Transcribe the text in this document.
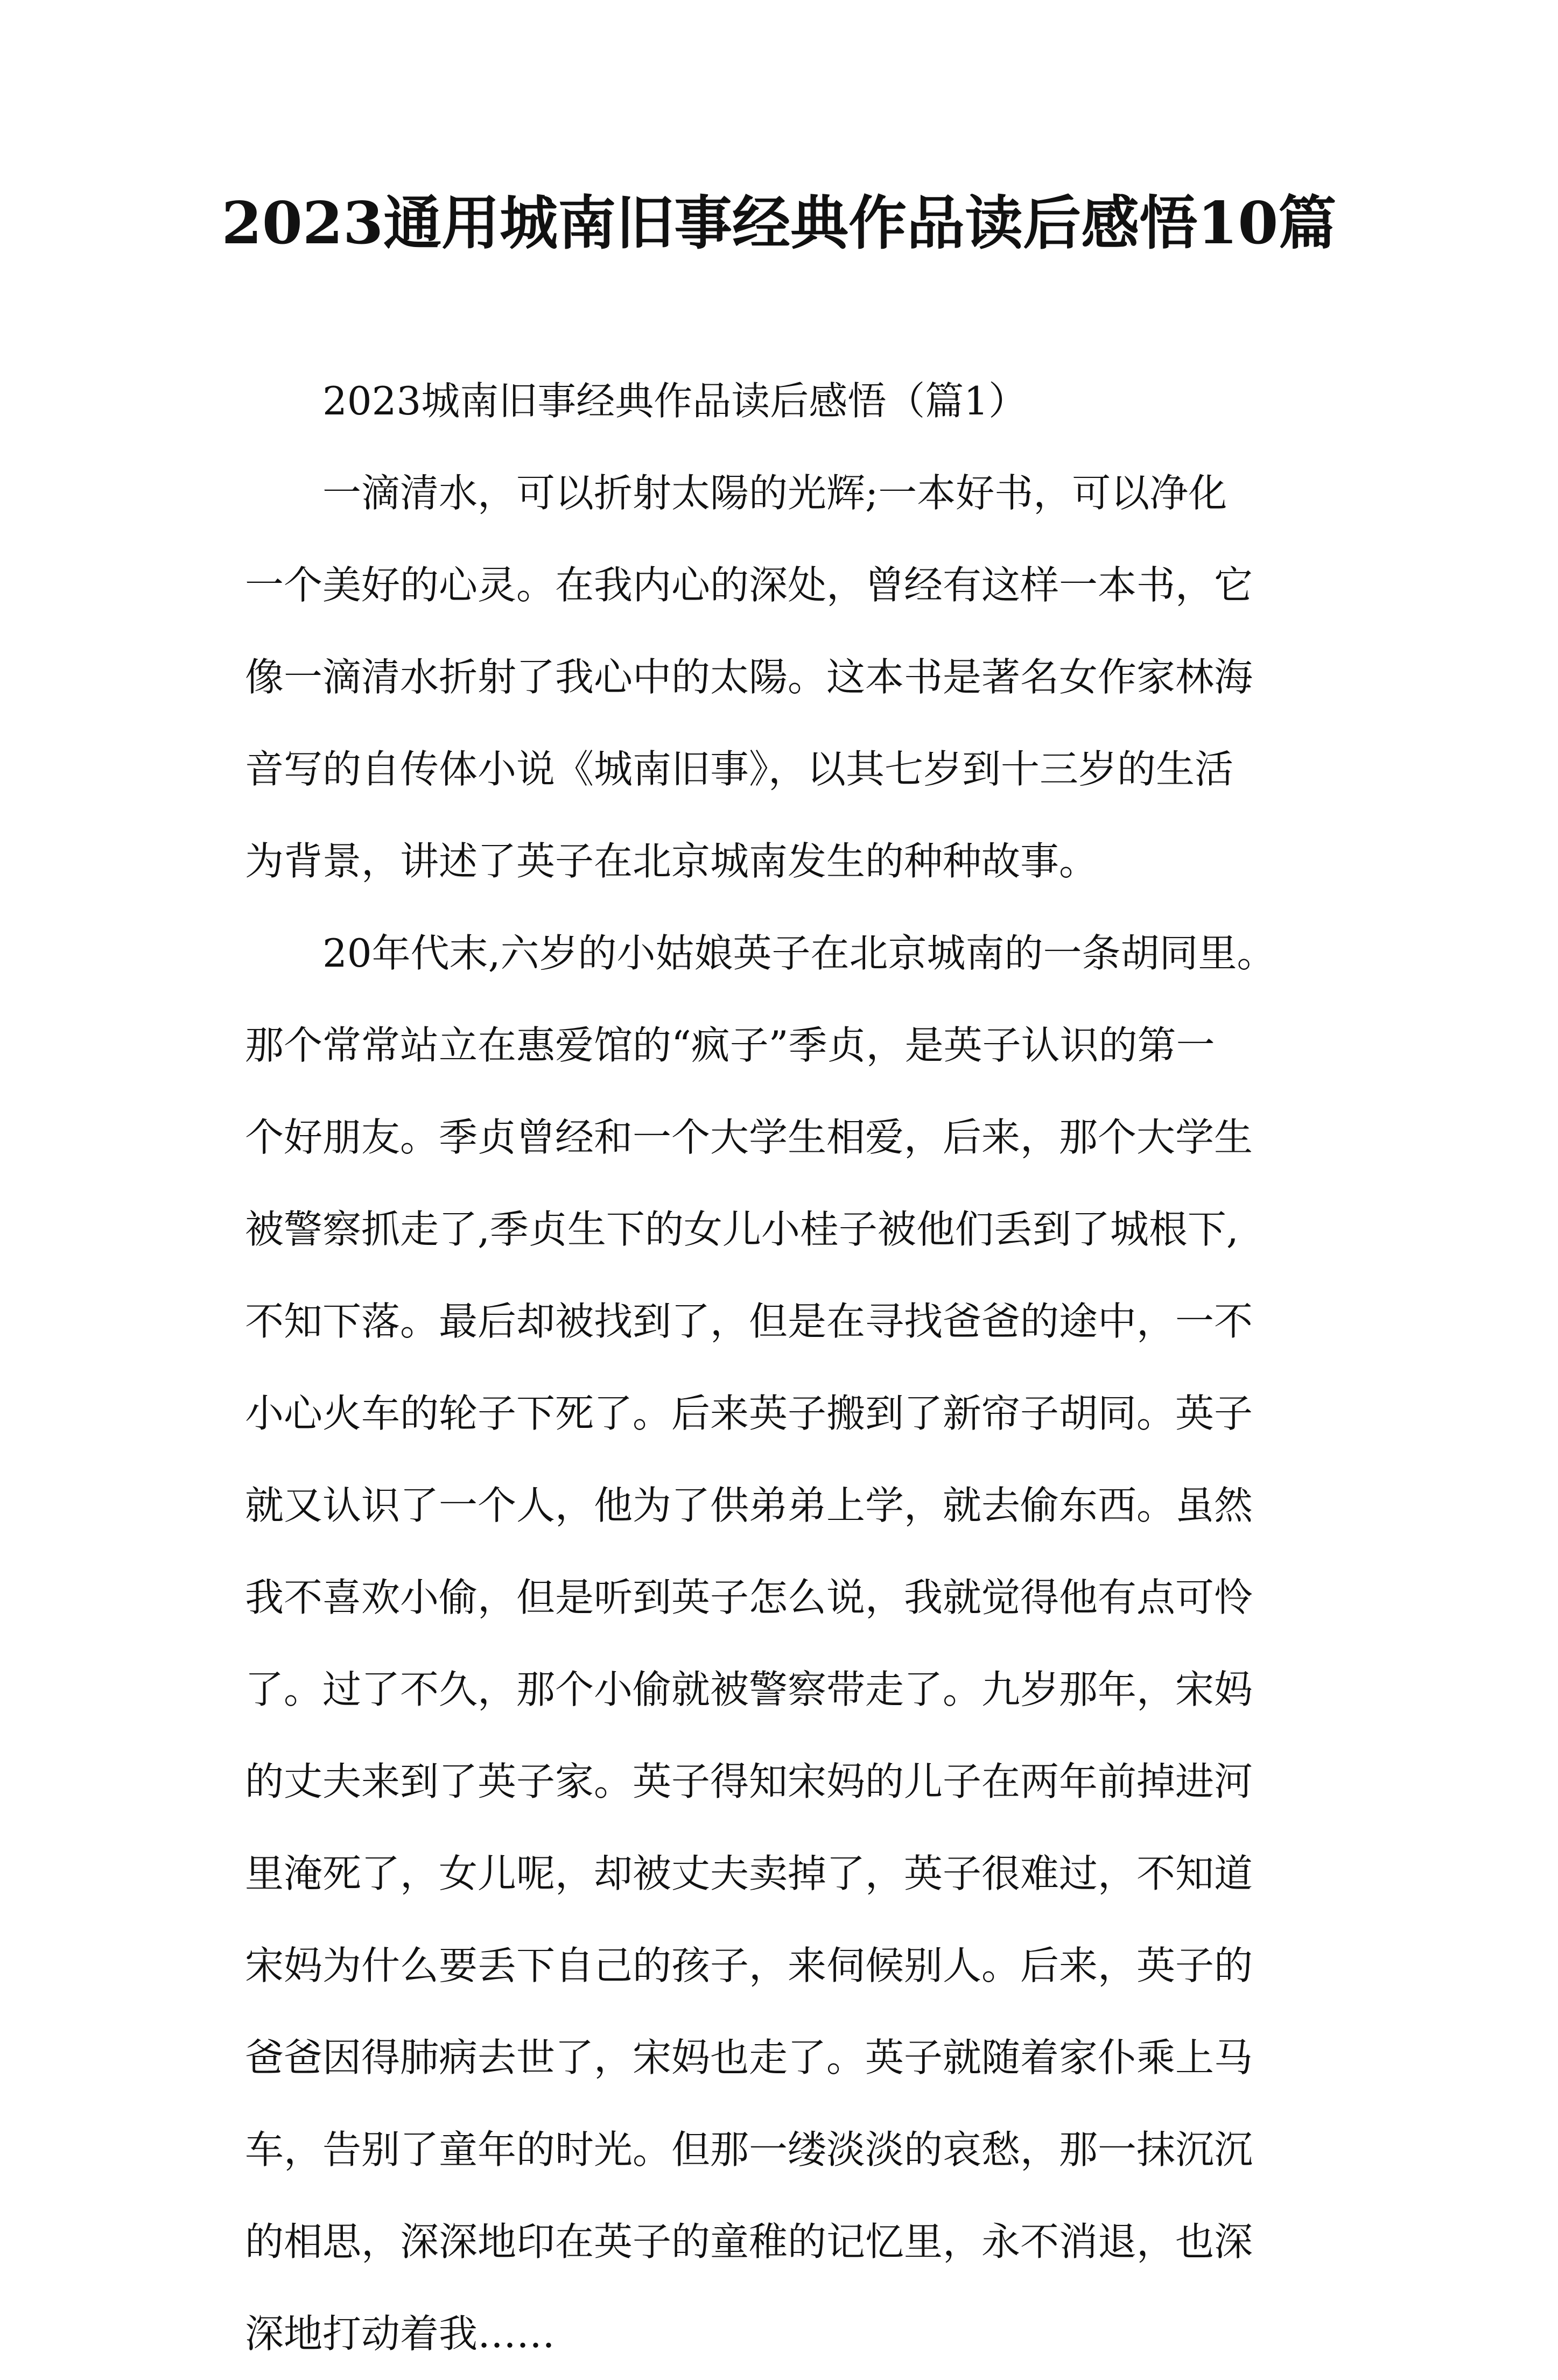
2023通用城南旧事经典作品读后感悟10篇
2023城南旧事经典作品读后感悟（篇1）
一滴清水，可以折射太陽的光辉;一本好书，可以净化
一个美好的心灵。在我内心的深处，曾经有这样一本书，它
像一滴清水折射了我心中的太陽。这本书是著名女作家林海
音写的自传体小说《城南旧事》，以其七岁到十三岁的生活
为背景，讲述了英子在北京城南发生的种种故事。
20年代末,六岁的小姑娘英子在北京城南的一条胡同里。
那个常常站立在惠爱馆的“疯子”季贞，是英子认识的第一
个好朋友。季贞曾经和一个大学生相爱，后来，那个大学生
被警察抓走了,季贞生下的女儿小桂子被他们丢到了城根下,
不知下落。最后却被找到了，但是在寻找爸爸的途中，一不
小心火车的轮子下死了。后来英子搬到了新帘子胡同。英子
就又认识了一个人，他为了供弟弟上学，就去偷东西。虽然
我不喜欢小偷，但是听到英子怎么说，我就觉得他有点可怜
了。过了不久，那个小偷就被警察带走了。九岁那年，宋妈
的丈夫来到了英子家。英子得知宋妈的儿子在两年前掉进河
里淹死了，女儿呢，却被丈夫卖掉了，英子很难过，不知道
宋妈为什么要丢下自己的孩子，来伺候别人。后来，英子的
爸爸因得肺病去世了，宋妈也走了。英子就随着家仆乘上马
车，告别了童年的时光。但那一缕淡淡的哀愁，那一抹沉沉
的相思，深深地印在英子的童稚的记忆里，永不消退，也深
深地打动着我……
